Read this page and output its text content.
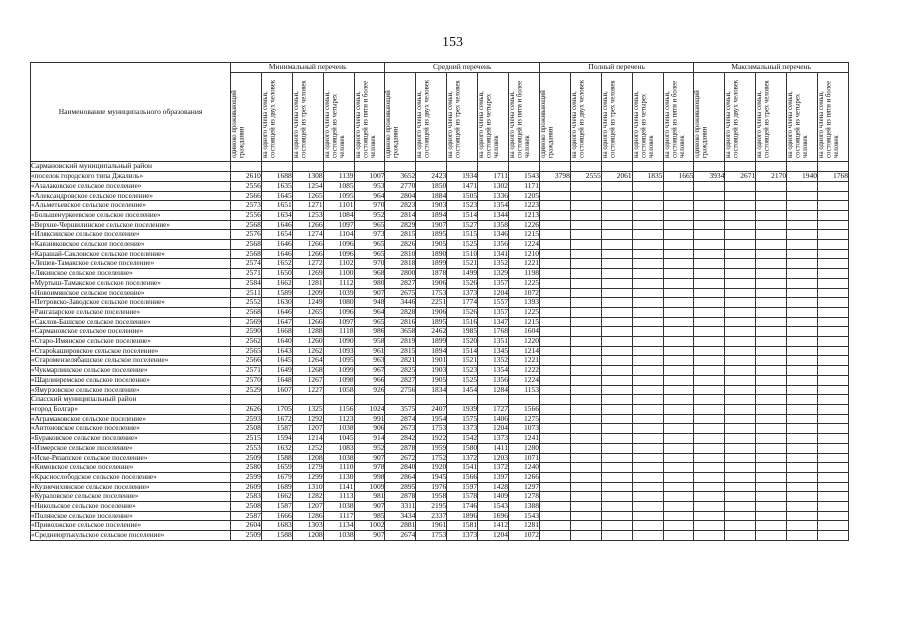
153
Наименование муниципального образования	Минимальный перечень					Средний перечень					Полный перечень					Максимальный перечень				
	одиноко проживающий гражданин	на одного члена семьи, состоящей из двух человек	на одного члена семьи, состоящей из трех человек	на одного члена семьи, состоящей из четырех человек	на одного члена семьи, состоящей из пяти и более человек	одиноко проживающий гражданин	на одного члена семьи, состоящей из двух человек	на одного члена семьи, состоящей из трех человек	на одного члена семьи, состоящей из четырех человек	на одного члена семьи, состоящей из пяти и более человек	одиноко проживающий гражданин	на одного члена семьи, состоящей из двух человек	на одного члена семьи, состоящей из трех человек	на одного члена семьи, состоящей из четырех человек	на одного члена семьи, состоящей из пяти и более человек	одиноко проживающий гражданин	на одного члена семьи, состоящей из двух человек	на одного члена семьи, состоящей из трех человек	на одного члена семьи, состоящей из четырех человек	на одного члена семьи, состоящей из пяти и более человек
Сармановский муниципальный район																				
«поселок городского типа Джалиль»	2610	1688	1308	1139	1007	3652	2423	1934	1711	1543	3798	2555	2061	1835	1665	3934	2671	2170	1940	1768
«Азалаковское сельское поселение»	2556	1635	1254	1085	953	2770	1850	1471	1302	1171										
«Александровское сельское поселение»	2566	1645	1265	1095	964	2804	1884	1505	1336	1205										
«Альметьевское сельское поселение»	2573	1651	1271	1101	970	2823	1903	1523	1354	1223										
«Большенуркеевское сельское поселение»	2556	1634	1253	1084	952	2814	1894	1514	1344	1213										
«Верхне-Чершилинское сельское поселение»	2568	1646	1266	1097	965	2829	1907	1527	1358	1226										
«Иляксинское сельское поселение»	2576	1654	1274	1104	973	2815	1895	1515	1346	1215										
«Кавзияковское сельское поселение»	2568	1646	1266	1096	965	2826	1905	1525	1356	1224										
«Карашай-Сакловское сельское поселение»	2568	1646	1266	1096	965	2810	1890	1510	1341	1210										
«Лешев-Тамакское сельское поселение»	2574	1652	1272	1102	970	2818	1899	1521	1352	1221										
«Лякинское сельское поселение»	2571	1650	1269	1100	968	2800	1878	1499	1329	1198										
«Муртыш-Тамакское сельское поселение»	2584	1662	1281	1112	980	2827	1906	1526	1357	1225										
«Новоимянское сельское поселение»	2511	1589	1209	1039	907	2675	1753	1373	1204	1072										
«Петровско-Заводское сельское поселение»	2552	1630	1249	1080	948	3446	2251	1774	1557	1393										
«Рангазарское сельское поселение»	2568	1646	1265	1096	964	2828	1906	1526	1357	1225										
«Саклов-Башское сельское поселение»	2569	1647	1266	1097	965	2816	1895	1516	1347	1215										
«Сармановское сельское поселение»	2590	1668	1288	1118	986	3658	2462	1985	1768	1604										
«Старо-Имянское сельское поселение»	2562	1640	1260	1090	958	2819	1899	1520	1351	1220										
«Староkашировское сельское поселение»	2565	1643	1262	1093	961	2815	1894	1514	1345	1214										
«Старомензелябашское сельское поселение»	2566	1645	1264	1095	963	2821	1901	1521	1352	1221										
«Чукмарлинское сельское поселение»	2571	1649	1268	1099	967	2825	1903	1523	1354	1222										
«Шарлииремское сельское поселение»	2570	1648	1267	1098	966	2827	1905	1525	1356	1224										
«Ямурзовское сельское поселение»	2529	1607	1227	1058	926	2756	1834	1454	1284	1153										
Спасский муниципальный район																				
«город Болгар»	2626	1705	1325	1156	1024	3575	2407	1939	1727	1566										
«Аграмаковское сельское поселение»	2593	1672	1292	1123	991	2874	1954	1575	1406	1275										
«Антоновское сельское поселение»	2508	1587	1207	1038	906	2673	1753	1373	1204	1073										
«Бураковское сельское поселение»	2515	1594	1214	1045	914	2842	1922	1542	1373	1241										
«Измерское сельское поселение»	2553	1632	1252	1083	952	2878	1959	1580	1411	1280										
«Иске-Рязапское сельское поселение»	2509	1588	1208	1038	907	2672	1752	1372	1203	1071										
«Кимовское сельское поселение»	2580	1659	1279	1110	978	2840	1920	1541	1372	1240										
«Краснослободское сельское поселение»	2599	1679	1299	1130	998	2864	1945	1566	1397	1266										
«Кузнечихинское сельское поселение»	2609	1689	1310	1141	1009	2895	1976	1597	1428	1297										
«Кураловское сельское поселение»	2583	1662	1282	1113	981	2878	1958	1578	1409	1278										
«Никольское сельское поселение»	2508	1587	1207	1038	907	3311	2195	1746	1543	1388										
«Полянское сельское поселение»	2587	1666	1286	1117	985	3434	2337	1896	1696	1543										
«Приволжское сельское поселение»	2604	1683	1303	1134	1002	2881	1961	1581	1412	1281										
«Среднеюртькульское сельское поселение»	2509	1588	1208	1038	907	2674	1753	1373	1204	1072										
